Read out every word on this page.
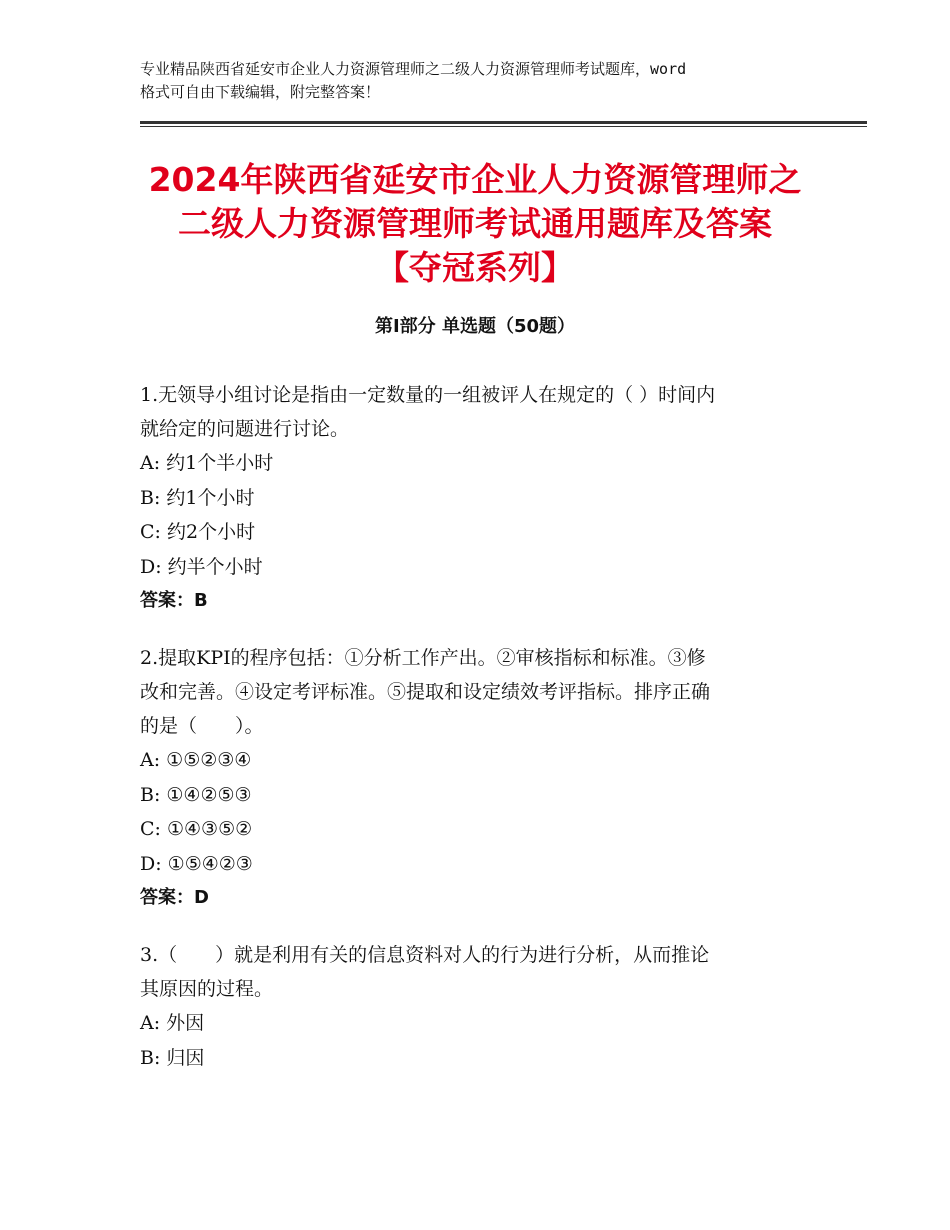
专业精品陕西省延安市企业人力资源管理师之二级人力资源管理师考试题库，word
格式可自由下载编辑，附完整答案！
2024年陕西省延安市企业人力资源管理师之
二级人力资源管理师考试通用题库及答案
【夺冠系列】
第Ⅰ部分 单选题（50题）
1.无领导小组讨论是指由一定数量的一组被评人在规定的（ ）时间内
就给定的问题进行讨论。
A: 约1个半小时
B: 约1个小时
C: 约2个小时
D: 约半个小时
答案：B
2.提取KPI的程序包括：①分析工作产出。②审核指标和标准。③修
改和完善。④设定考评标准。⑤提取和设定绩效考评指标。排序正确
的是（　　）。
A: ①⑤②③④
B: ①④②⑤③
C: ①④③⑤②
D: ①⑤④②③
答案：D
3.（　　）就是利用有关的信息资料对人的行为进行分析，从而推论
其原因的过程。
A: 外因
B: 归因
